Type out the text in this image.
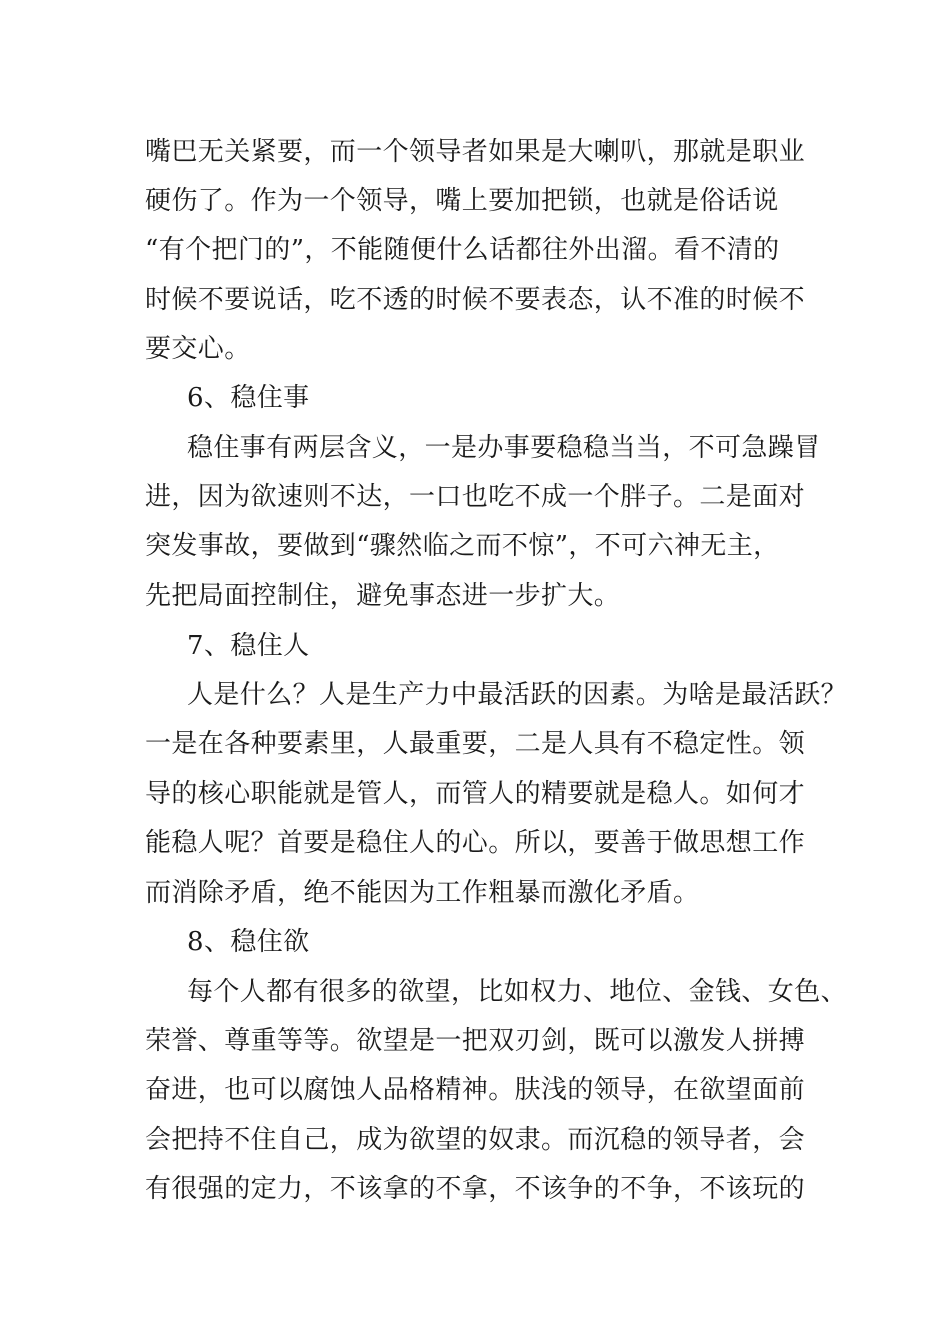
嘴巴无关紧要，而一个领导者如果是大喇叭，那就是职业
硬伤了。作为一个领导，嘴上要加把锁，也就是俗话说
“有个把门的”，不能随便什么话都往外出溜。看不清的
时候不要说话，吃不透的时候不要表态，认不准的时候不
要交心。
6、稳住事
稳住事有两层含义，一是办事要稳稳当当，不可急躁冒
进，因为欲速则不达，一口也吃不成一个胖子。二是面对
突发事故，要做到“骤然临之而不惊”，不可六神无主，
先把局面控制住，避免事态进一步扩大。
7、稳住人
人是什么？人是生产力中最活跃的因素。为啥是最活跃？
一是在各种要素里，人最重要，二是人具有不稳定性。领
导的核心职能就是管人，而管人的精要就是稳人。如何才
能稳人呢？首要是稳住人的心。所以，要善于做思想工作
而消除矛盾，绝不能因为工作粗暴而激化矛盾。
8、稳住欲
每个人都有很多的欲望，比如权力、地位、金钱、女色、
荣誉、尊重等等。欲望是一把双刃剑，既可以激发人拼搏
奋进，也可以腐蚀人品格精神。肤浅的领导，在欲望面前
会把持不住自己，成为欲望的奴隶。而沉稳的领导者，会
有很强的定力，不该拿的不拿，不该争的不争，不该玩的
